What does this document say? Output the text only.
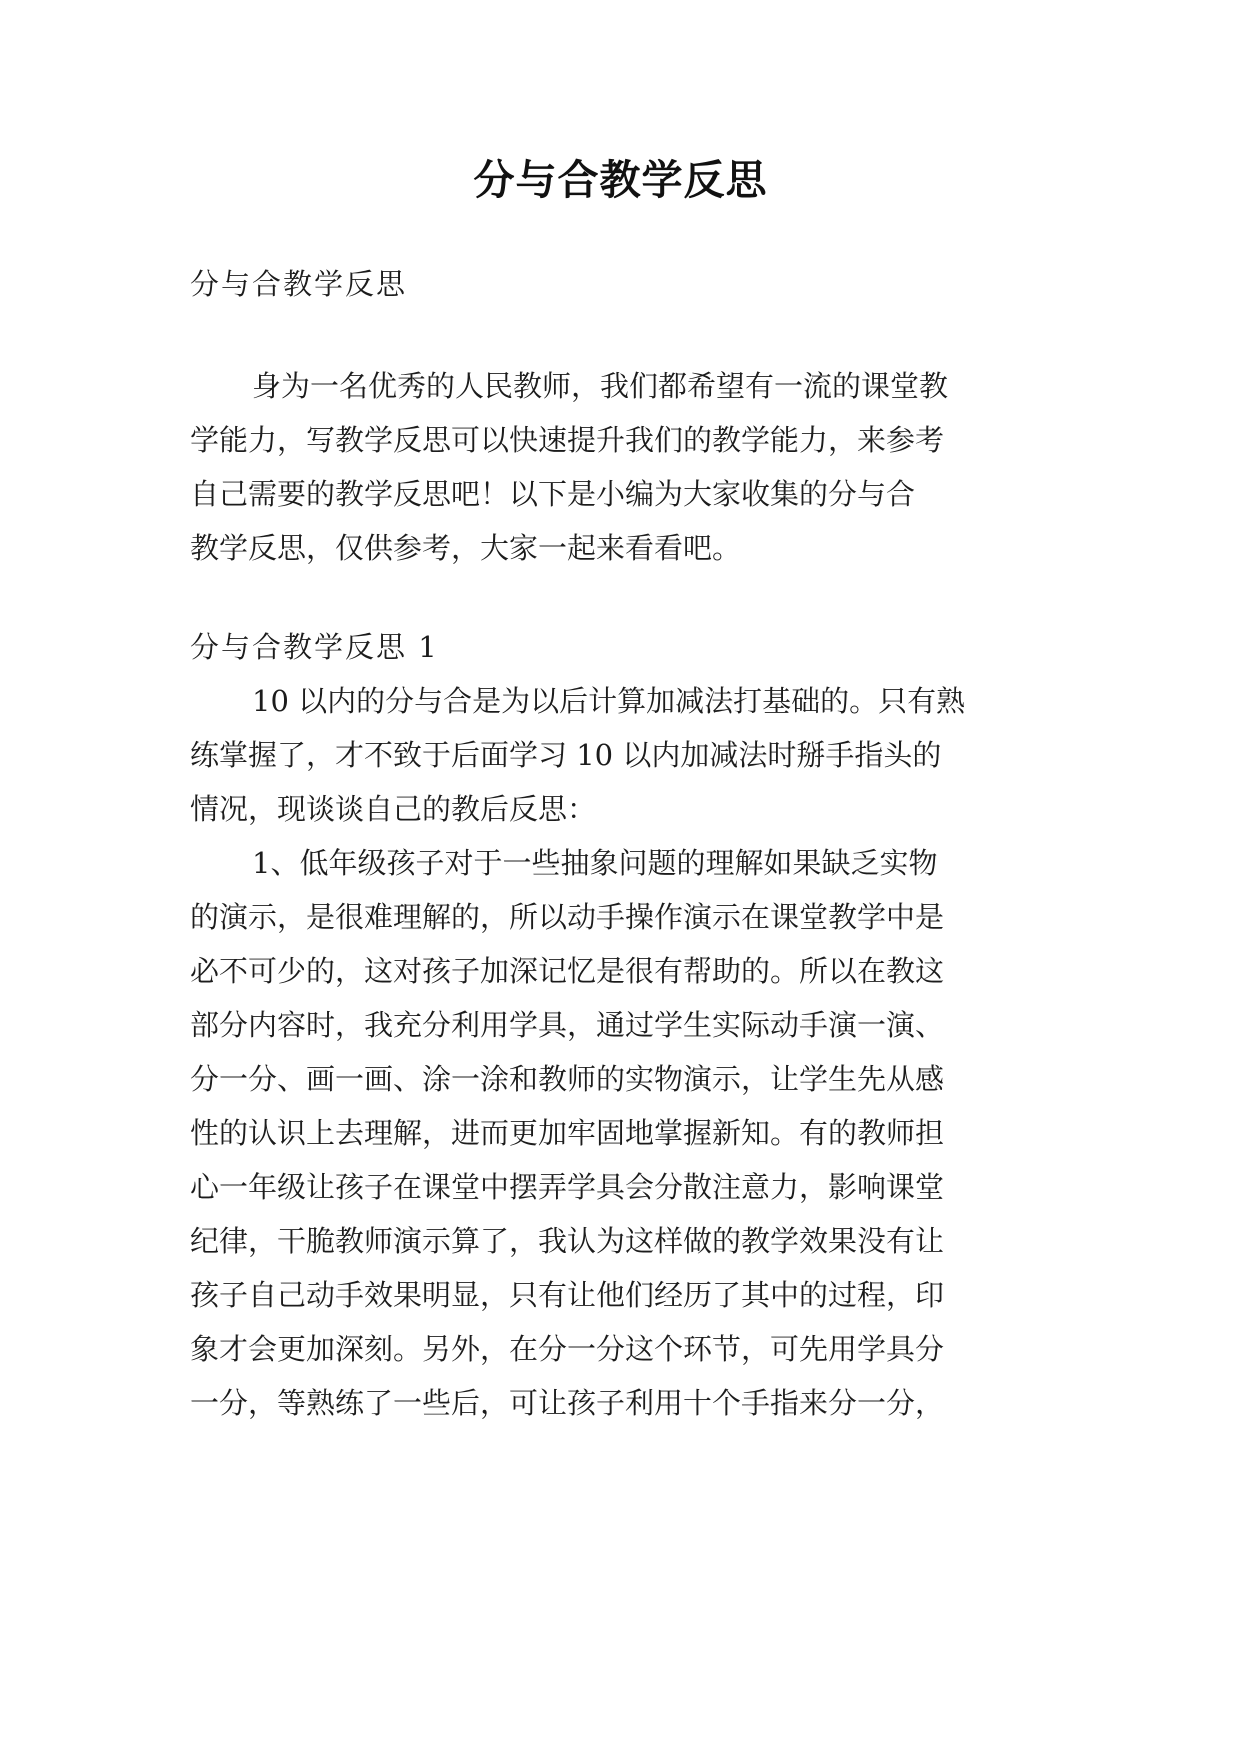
分与合教学反思
分与合教学反思
身为一名优秀的人民教师，我们都希望有一流的课堂教
学能力，写教学反思可以快速提升我们的教学能力，来参考
自己需要的教学反思吧！以下是小编为大家收集的分与合
教学反思，仅供参考，大家一起来看看吧。
分与合教学反思 1
10 以内的分与合是为以后计算加减法打基础的。只有熟
练掌握了，才不致于后面学习 10 以内加减法时掰手指头的
情况，现谈谈自己的教后反思：
1、低年级孩子对于一些抽象问题的理解如果缺乏实物
的演示，是很难理解的，所以动手操作演示在课堂教学中是
必不可少的，这对孩子加深记忆是很有帮助的。所以在教这
部分内容时，我充分利用学具，通过学生实际动手演一演、
分一分、画一画、涂一涂和教师的实物演示，让学生先从感
性的认识上去理解，进而更加牢固地掌握新知。有的教师担
心一年级让孩子在课堂中摆弄学具会分散注意力，影响课堂
纪律，干脆教师演示算了，我认为这样做的教学效果没有让
孩子自己动手效果明显，只有让他们经历了其中的过程，印
象才会更加深刻。另外，在分一分这个环节，可先用学具分
一分，等熟练了一些后，可让孩子利用十个手指来分一分，
